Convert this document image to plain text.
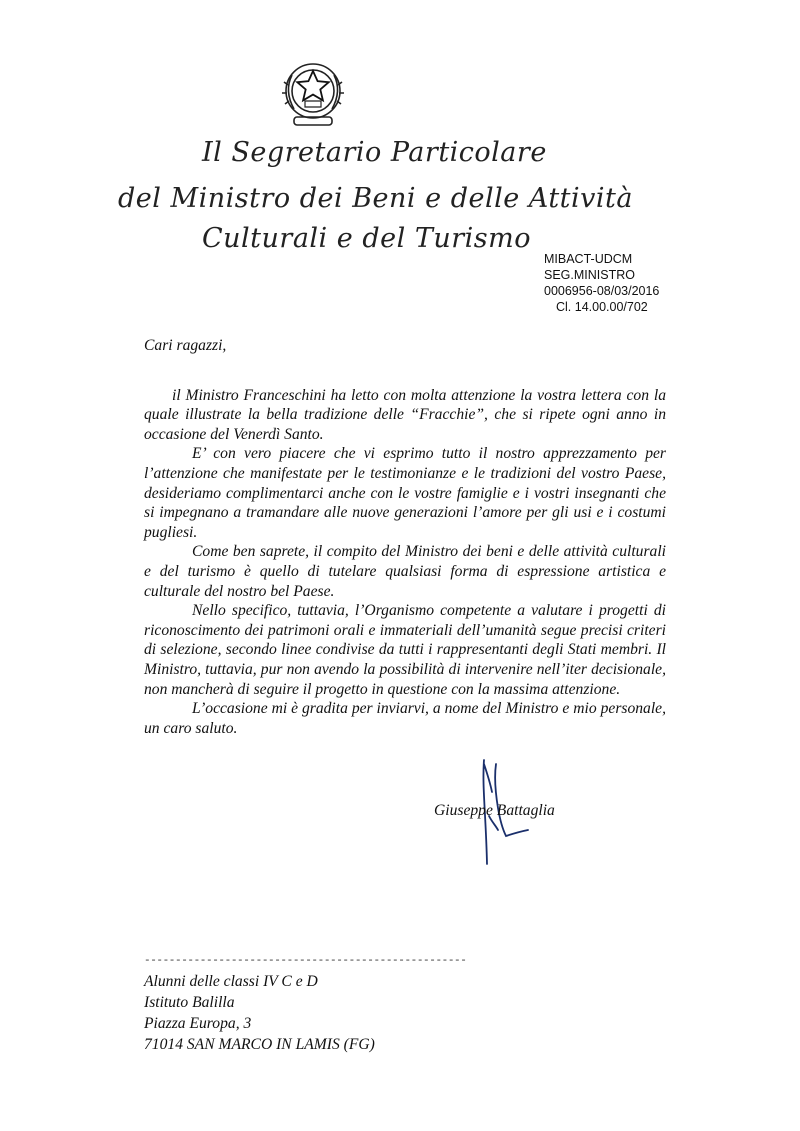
Il Segretario Particolare
del Ministro dei Beni e delle Attività
Culturali e del Turismo
MIBACT-UDCM
SEG.MINISTRO
0006956-08/03/2016
Cl. 14.00.00/702

Cari ragazzi,

il Ministro Franceschini ha letto con molta attenzione la vostra lettera con la quale illustrate la bella tradizione delle “Fracchie”, che si ripete ogni anno in occasione del Venerdì Santo.

E’ con vero piacere che vi esprimo tutto il nostro apprezzamento per l’attenzione che manifestate per le testimonianze e le tradizioni del vostro Paese, desideriamo complimentarci anche con le vostre famiglie e i vostri insegnanti che si impegnano a tramandare alle nuove generazioni l’amore per gli usi e i costumi pugliesi.

Come ben saprete, il compito del Ministro dei beni e delle attività culturali e del turismo è quello di tutelare qualsiasi forma di espressione artistica e culturale del nostro bel Paese.

Nello specifico, tuttavia, l’Organismo competente a valutare i progetti di riconoscimento dei patrimoni orali e immateriali dell’umanità segue precisi criteri di selezione, secondo linee condivise da tutti i rappresentanti degli Stati membri. Il Ministro, tuttavia, pur non avendo la possibilità di intervenire nell’iter decisionale, non mancherà di seguire il progetto in questione con la massima attenzione.

L’occasione mi è gradita per inviarvi, a nome del Ministro e mio personale, un caro saluto.

Giuseppe Battaglia
----------------------------------------------------
Alunni delle classi IV C e D
Istituto Balilla
Piazza Europa, 3
71014 SAN MARCO IN LAMIS (FG)
